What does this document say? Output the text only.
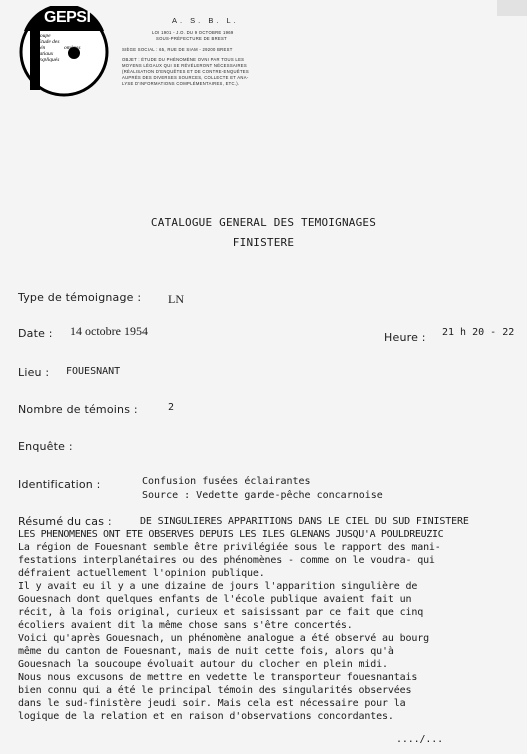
GEPSI
Groupe
d'Etude des
Phén	omènes
Spatiaux
Inexpliqués
A. S. B. L.
LOI 1901 - J.O. DU 9 OCTOBRE 1969
SOUS-PRÉFECTURE DE BREST
SIÈGE SOCIAL : 65, RUE DE SIAM - 29200 BREST
OBJET : ÉTUDE DU PHÉNOMÈNE OVNI PAR TOUS LES
MOYENS LÉGAUX QUI SE RÉVÉLERONT NÉCESSAIRES
(RÉALISATION D'ENQUÊTES ET DE CONTRE-ENQUÊTES
AUPRÈS DES DIVERSES SOURCES, COLLECTE ET ANA-
LYSE D'INFORMATIONS COMPLÉMENTAIRES, ETC.).
CATALOGUE GENERAL DES TEMOIGNAGES
FINISTERE
Type de témoignage : LN
Date : 14 octobre 1954	Heure : 21 h 20 - 22
Lieu : FOUESNANT
Nombre de témoins :	2
Enquête :
Identification :	Confusion fusées éclairantes
Source : Vedette garde-pêche concarnoise
Résumé du cas :	DE SINGULIERES APPARITIONS DANS LE CIEL DU SUD FINISTERE
LES PHENOMENES ONT ETE OBSERVES DEPUIS LES ILES GLENANS JUSQU'A POULDREUZIC
La région de Fouesnant semble être privilégiée sous le rapport des mani-
festations interplanétaires ou des phénomènes - comme on le voudra- qui
défraient actuellement l'opinion publique.
Il y avait eu il y a une dizaine de jours l'apparition singulière de
Gouesnach dont quelques enfants de l'école publique avaient fait un
récit, à la fois original, curieux et saisissant par ce fait que cinq
écoliers avaient dit la même chose sans s'être concertés.
Voici qu'après Gouesnach, un phénomène analogue a été observé au bourg
même du canton de Fouesnant, mais de nuit cette fois, alors qu'à
Gouesnach la soucoupe évoluait autour du clocher en plein midi.
Nous nous excusons de mettre en vedette le transporteur fouesnantais
bien connu qui a été le principal témoin des singularités observées
dans le sud-finistère jeudi soir. Mais cela est nécessaire pour la
logique de la relation et en raison d'observations concordantes.
..../...
